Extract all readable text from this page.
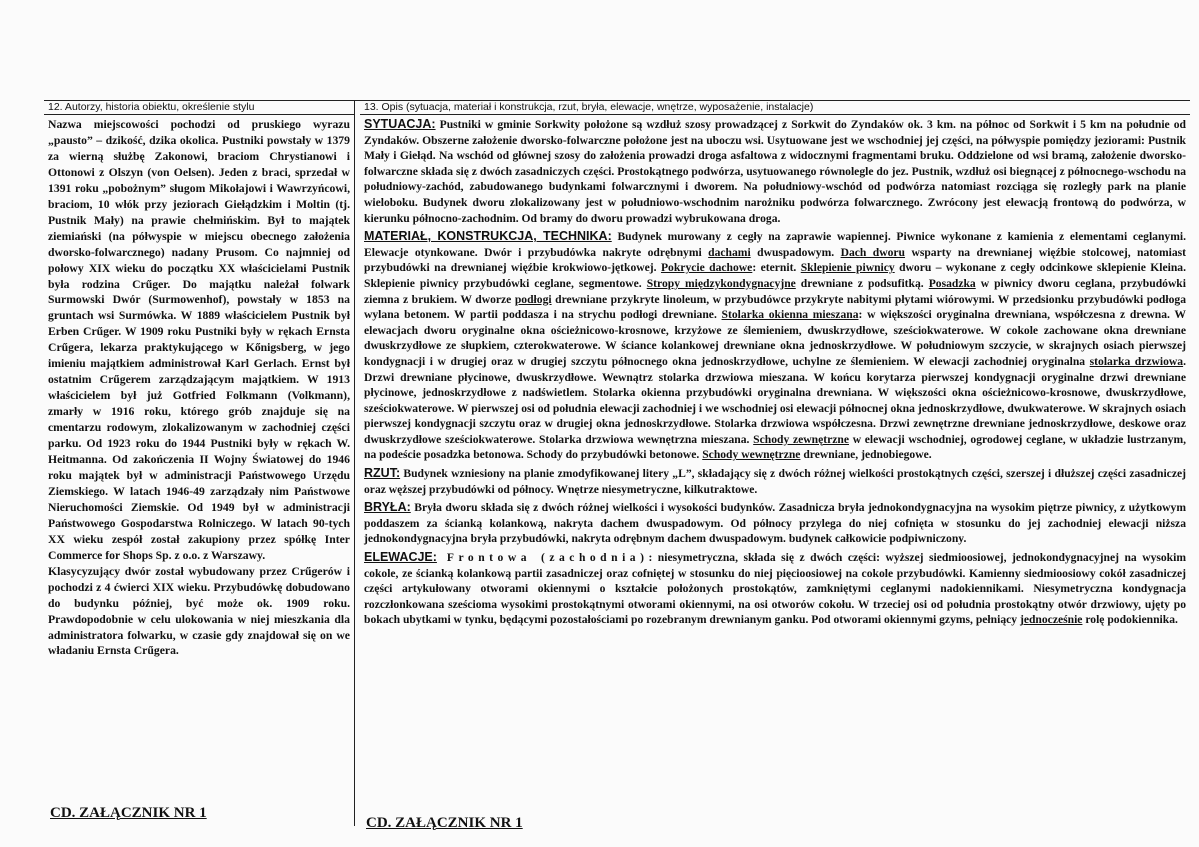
12. Autorzy, historia obiektu, określenie stylu

Nazwa miejscowości pochodzi od pruskiego wyrazu „pausto” – dzikość, dzika okolica. Pustniki powstały w 1379 za wierną służbę Zakonowi, braciom Chrystianowi i Ottonowi z Olszyn (von Oelsen). Jeden z braci, sprzedał w 1391 roku „pobożnym” sługom Mikołajowi i Wawrzyńcowi, braciom, 10 włók przy jeziorach Giełądzkim i Moltin (tj. Pustnik Mały) na prawie chełmińskim. Był to majątek ziemiański (na półwyspie w miejscu obecnego założenia dworsko-folwarcznego) nadany Prusom. Co najmniej od połowy XIX wieku do początku XX właścicielami Pustnik była rodzina Crűger. Do majątku należał folwark Surmowski Dwór (Surmowenhof), powstały w 1853 na gruntach wsi Surmówka. W 1889 właścicielem Pustnik był Erben Crűger. W 1909 roku Pustniki były w rękach Ernsta Crűgera, lekarza praktykującego w Kőnigsberg, w jego imieniu majątkiem administrował Karl Gerlach. Ernst był ostatnim Crűgerem zarządzającym majątkiem. W 1913 właścicielem był już Gotfried Folkmann (Volkmann), zmarły w 1916 roku, którego grób znajduje się na cmentarzu rodowym, zlokalizowanym w zachodniej części parku. Od 1923 roku do 1944 Pustniki były w rękach W. Heitmanna. Od zakończenia II Wojny Światowej do 1946 roku majątek był w administracji Państwowego Urzędu Ziemskiego. W latach 1946-49 zarządzały nim Państwowe Nieruchomości Ziemskie. Od 1949 był w administracji Państwowego Gospodarstwa Rolniczego. W latach 90-tych XX wieku zespół został zakupiony przez spółkę Inter Commerce for Shops Sp. z o.o. z Warszawy.

Klasycyzujący dwór został wybudowany przez Crűgerów i pochodzi z 4 ćwierci XIX wieku. Przybudówkę dobudowano do budynku później, być może ok. 1909 roku. Prawdopodobnie w celu ulokowania w niej mieszkania dla administratora folwarku, w czasie gdy znajdował się on we władaniu Ernsta Crűgera.

CD. ZAŁĄCZNIK NR 1
13. Opis (sytuacja, materiał i konstrukcja, rzut, bryła, elewacje, wnętrze, wyposażenie, instalacje)

SYTUACJA: Pustniki w gminie Sorkwity położone są wzdłuż szosy prowadzącej z Sorkwit do Zyndaków ok. 3 km. na północ od Sorkwit i 5 km na południe od Zyndaków. Obszerne założenie dworsko-folwarczne położone jest na uboczu wsi. Usytuowane jest we wschodniej jej części, na półwyspie pomiędzy jeziorami: Pustnik Mały i Giełąd. Na wschód od głównej szosy do założenia prowadzi droga asfaltowa z widocznymi fragmentami bruku. Oddzielone od wsi bramą, założenie dworsko-folwarczne składa się z dwóch zasadniczych części. Prostokątnego podwórza, usytuowanego równolegle do jez. Pustnik, wzdłuż osi biegnącej z północnego-wschodu na południowy-zachód, zabudowanego budynkami folwarcznymi i dworem. Na południowy-wschód od podwórza natomiast rozciąga się rozległy park na planie wieloboku. Budynek dworu zlokalizowany jest w południowo-wschodnim narożniku podwórza folwarcznego. Zwrócony jest elewacją frontową do podwórza, w kierunku północno-zachodnim. Od bramy do dworu prowadzi wybrukowana droga.

MATERIAŁ, KONSTRUKCJA, TECHNIKA: Budynek murowany z cegły na zaprawie wapiennej. Piwnice wykonane z kamienia z elementami ceglanymi. Elewacje otynkowane. Dwór i przybudówka nakryte odrębnymi dachami dwuspadowym. Dach dworu wsparty na drewnianej więźbie stolcowej, natomiast przybudówki na drewnianej więźbie krokwiowo-jętkowej. Pokrycie dachowe: eternit. Sklepienie piwnicy dworu – wykonane z cegły odcinkowe sklepienie Kleina. Sklepienie piwnicy przybudówki ceglane, segmentowe. Stropy międzykondygnacyjne drewniane z podsufitką. Posadzka w piwnicy dworu ceglana, przybudówki ziemna z brukiem. W dworze podłogi drewniane przykryte linoleum, w przybudówce przykryte nabitymi płytami wiórowymi. W przedsionku przybudówki podłoga wylana betonem. W partii poddasza i na strychu podłogi drewniane. Stolarka okienna mieszana: w większości oryginalna drewniana, współczesna z drewna. W elewacjach dworu oryginalne okna ościeżnicowo-krosnowe, krzyżowe ze ślemieniem, dwuskrzydłowe, sześciokwaterowe. W cokole zachowane okna drewniane dwuskrzydłowe ze słupkiem, czterokwaterowe. W ściance kolankowej drewniane okna jednoskrzydłowe. W południowym szczycie, w skrajnych osiach pierwszej kondygnacji i w drugiej oraz w drugiej szczytu północnego okna jednoskrzydłowe, uchylne ze ślemieniem. W elewacji zachodniej oryginalna stolarka drzwiowa. Drzwi drewniane płycinowe, dwuskrzydłowe. Wewnątrz stolarka drzwiowa mieszana. W końcu korytarza pierwszej kondygnacji oryginalne drzwi drewniane płycinowe, jednoskrzydłowe z nadświetlem. Stolarka okienna przybudówki oryginalna drewniana. W większości okna ościeżnicowo-krosnowe, dwuskrzydłowe, sześciokwaterowe. W pierwszej osi od południa elewacji zachodniej i we wschodniej osi elewacji północnej okna jednoskrzydłowe, dwukwaterowe. W skrajnych osiach pierwszej kondygnacji szczytu oraz w drugiej okna jednoskrzydłowe. Stolarka drzwiowa współczesna. Drzwi zewnętrzne drewniane jednoskrzydłowe, deskowe oraz dwuskrzydłowe sześciokwaterowe. Stolarka drzwiowa wewnętrzna mieszana. Schody zewnętrzne w elewacji wschodniej, ogrodowej ceglane, w układzie lustrzanym, na podeście posadzka betonowa. Schody do przybudówki betonowe. Schody wewnętrzne drewniane, jednobiegowe.

RZUT: Budynek wzniesiony na planie zmodyfikowanej litery „L”, składający się z dwóch różnej wielkości prostokątnych części, szerszej i dłuższej części zasadniczej oraz węższej przybudówki od północy. Wnętrze niesymetryczne, kilkutraktowe.

BRYŁA: Bryła dworu składa się z dwóch różnej wielkości i wysokości budynków. Zasadnicza bryła jednokondygnacyjna na wysokim piętrze piwnicy, z użytkowym poddaszem za ścianką kolankową, nakryta dachem dwuspadowym. Od północy przylega do niej cofnięta w stosunku do jej zachodniej elewacji niższa jednokondygnacyjna bryła przybudówki, nakryta odrębnym dachem dwuspadowym. budynek całkowicie podpiwniczony.

ELEWACJE: Frontowa (zachodnia): niesymetryczna, składa się z dwóch części: wyższej siedmioosiowej, jednokondygnacyjnej na wysokim cokole, ze ścianką kolankową partii zasadniczej oraz cofniętej w stosunku do niej pięcioosiowej na cokole przybudówki. Kamienny siedmioosiowy cokół zasadniczej części artykułowany otworami okiennymi o kształcie położonych prostokątów, zamkniętymi ceglanymi nadokiennikami. Niesymetryczna kondygnacja rozczłonkowana sześcioma wysokimi prostokątnymi otworami okiennymi, na osi otworów cokołu. W trzeciej osi od południa prostokątny otwór drzwiowy, ujęty po bokach ubytkami w tynku, będącymi pozostałościami po rozebranym drewnianym ganku. Pod otworami okiennymi gzyms, pełniący jednocześnie rolę podokiennika.

CD. ZAŁĄCZNIK NR 1
